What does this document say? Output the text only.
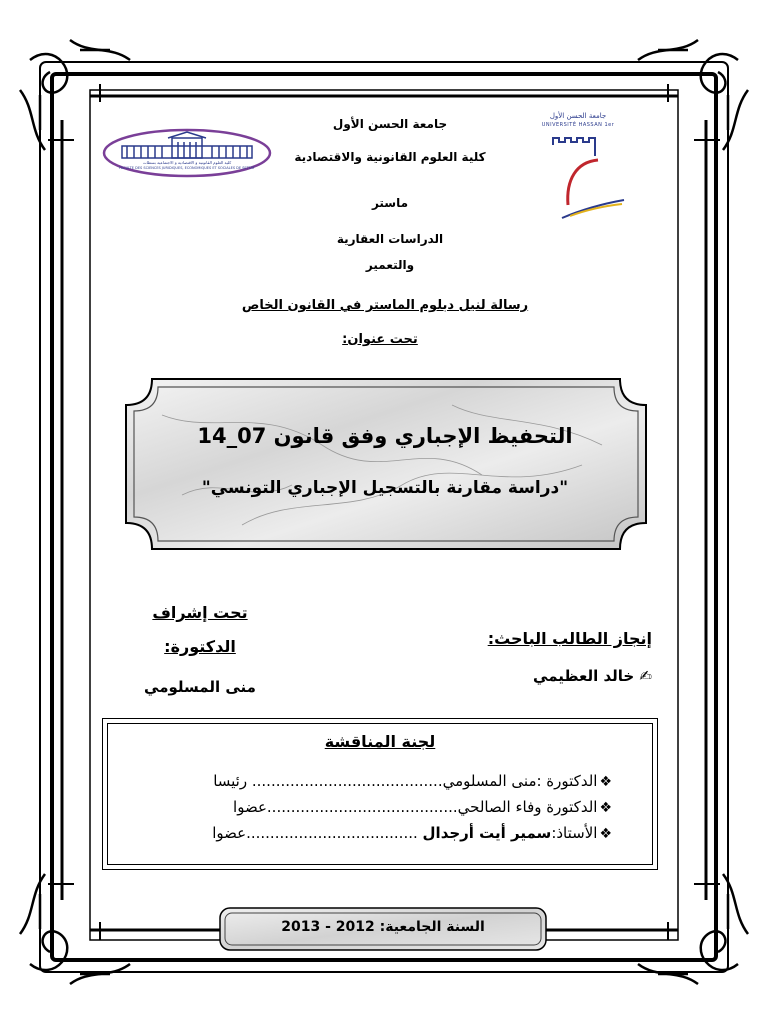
كلية العلوم القانونية و الاقتصادية و الاجتماعية بسطات
FACULTE DES SCIENCES JURIDIQUES, ECONOMIQUES ET SOCIALES DE SETTAT
جامعة الحسن الأول
UNIVERSITÉ HASSAN 1er
جامعة الحسن الأول
كلية العلوم القانونية والاقتصادية
ماستر
الدراسات العقارية
والتعمير
رسالة لنيل دبلوم الماستر في القانون الخاص
تحت عنوان:
التحفيظ الإجباري وفق قانون 07_14
"دراسة مقارنة بالتسجيل الإجباري التونسي"
إنجاز الطالب الباحث:
✍ خالد العظيمي
تحت إشراف
الدكتورة:
منى المسلومي
لجنة المناقشة
❖الدكتورة :منى المسلومي........................................ رئيسا
❖الدكتورة وفاء الصالحي........................................عضوا
❖الأستاذ:سمير أيت أرجدال ....................................عضوا
السنة الجامعية: 2012 - 2013
